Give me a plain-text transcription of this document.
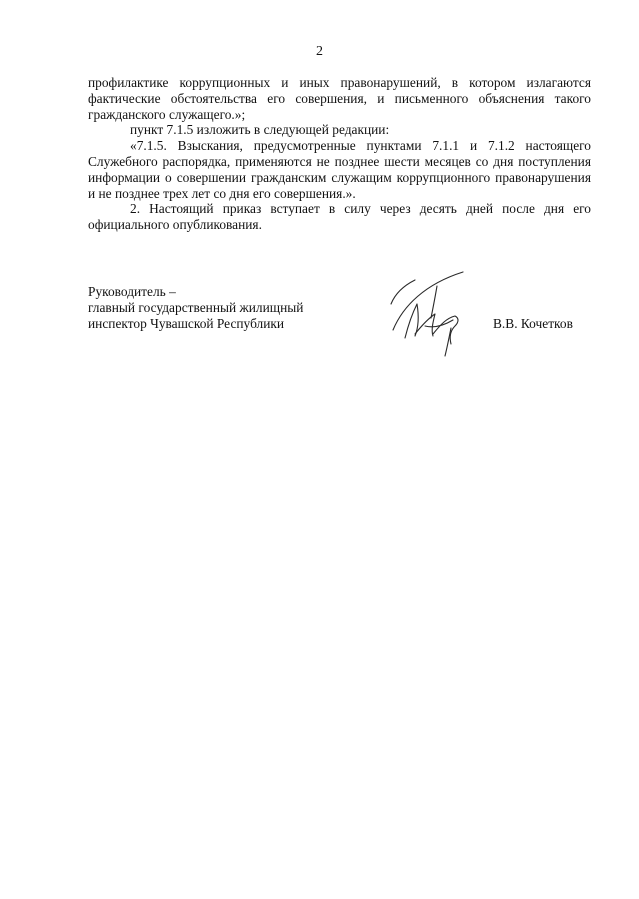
2

профилактике коррупционных и иных правонарушений, в котором излагаются фактические обстоятельства его совершения, и письменного объяснения такого гражданского служащего.»;

пункт 7.1.5 изложить в следующей редакции:

«7.1.5. Взыскания, предусмотренные пунктами 7.1.1 и 7.1.2 настоящего Служебного распорядка, применяются не позднее шести месяцев со дня поступления информации о совершении гражданским служащим коррупционного правонарушения и не позднее трех лет со дня его совершения.».

2. Настоящий приказ вступает в силу через десять дней после дня его официального опубликования.

Руководитель –
главный государственный жилищный
инспектор Чувашской Республики	В.В. Кочетков
